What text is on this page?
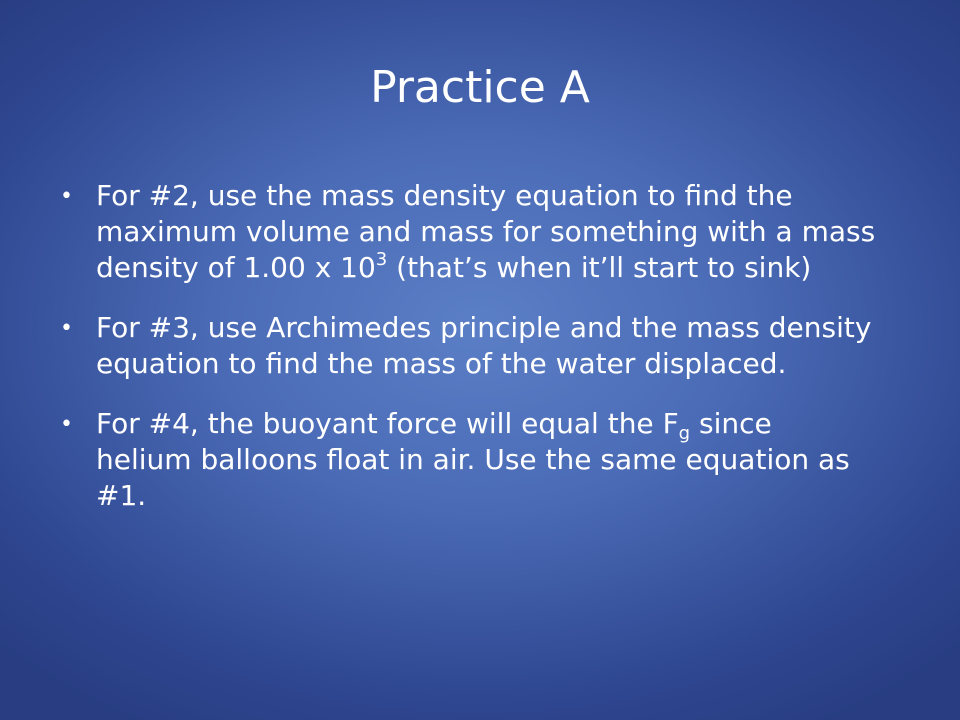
Practice A
• For #2, use the mass density equation to find the maximum volume and mass for something with a mass density of 1.00 x $10^3$ (that’s when it’ll start to sink)
• For #3, use Archimedes principle and the mass density equation to find the mass of the water displaced.
• For #4, the buoyant force will equal the $F_g$ since helium balloons float in air. Use the same equation as #1.
